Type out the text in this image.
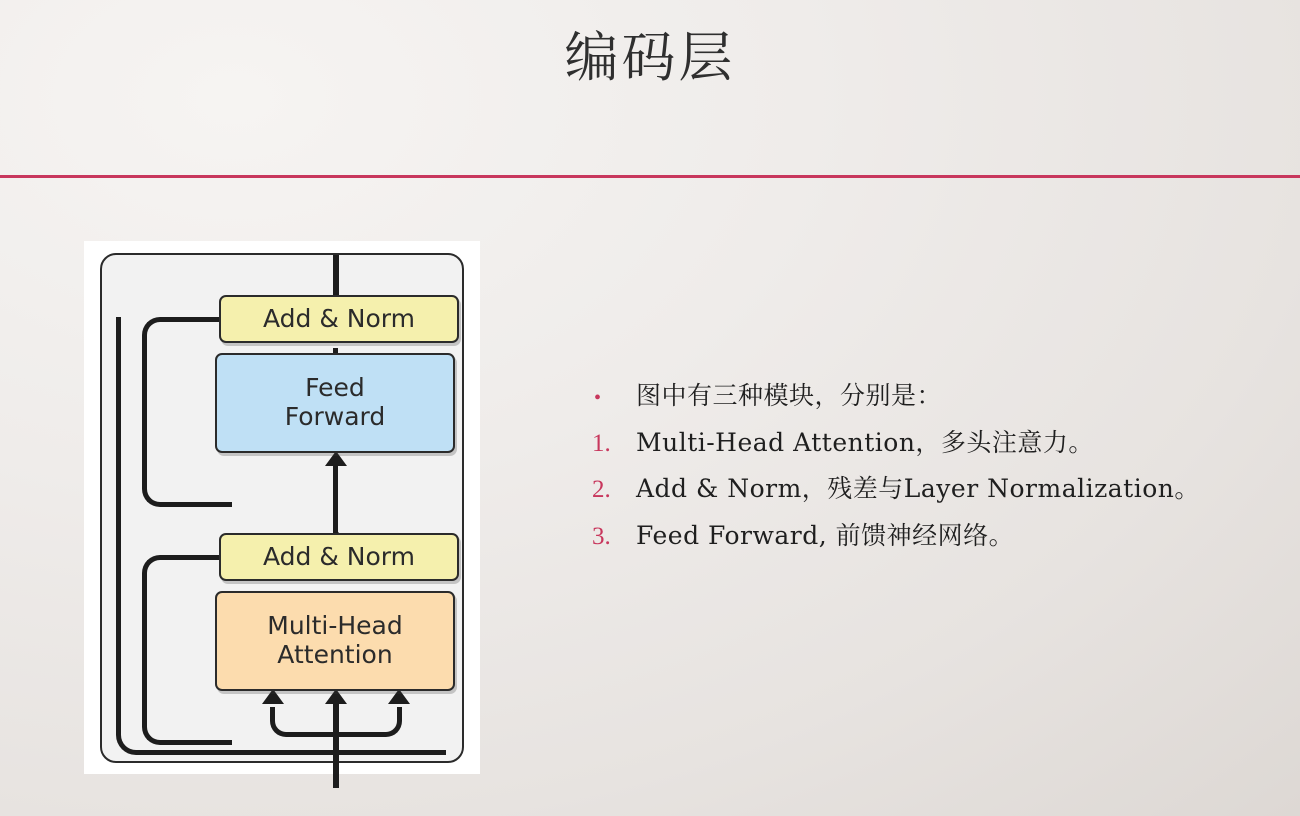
编码层
Add & Norm
Feed
Forward
Add & Norm
Multi-Head
Attention
•	图中有三种模块，分别是：
1.	Multi-Head Attention，多头注意力。
2.	Add & Norm，残差与Layer Normalization。
3.	Feed Forward, 前馈神经网络。
